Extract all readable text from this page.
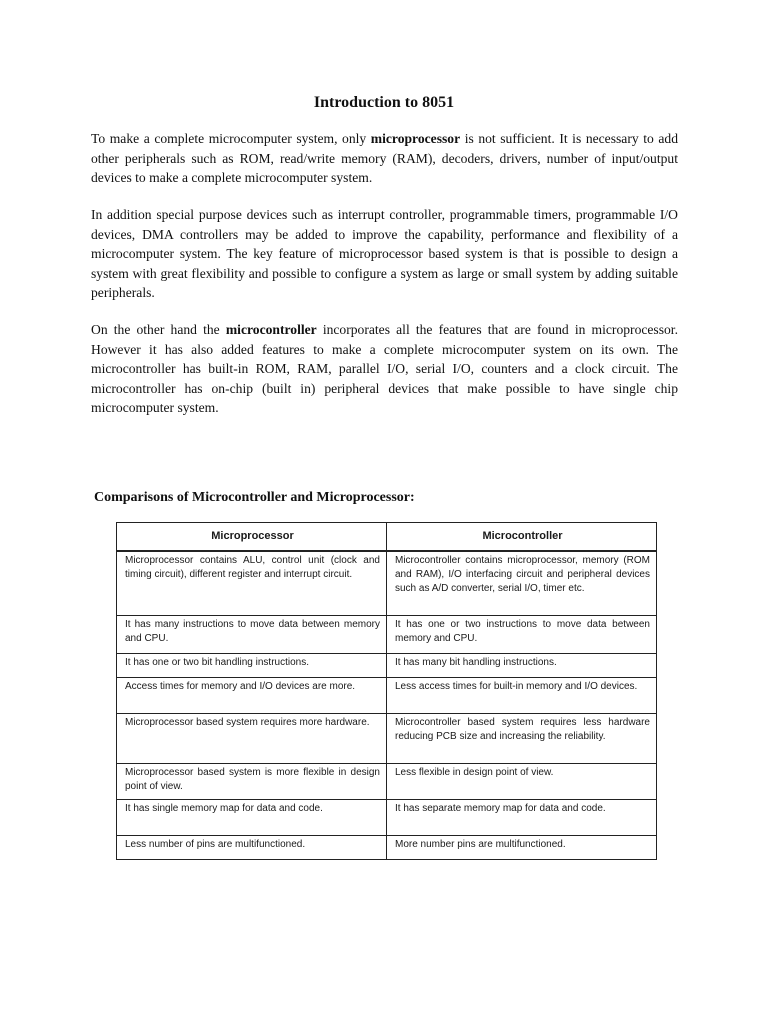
Introduction to 8051

To make a complete microcomputer system, only microprocessor is not sufficient. It is necessary to add other peripherals such as ROM, read/write memory (RAM), decoders, drivers, number of input/output devices to make a complete microcomputer system.

In addition special purpose devices such as interrupt controller, programmable timers, programmable I/O devices, DMA controllers may be added to improve the capability, performance and flexibility of a microcomputer system. The key feature of microprocessor based system is that is possible to design a system with great flexibility and possible to configure a system as large or small system by adding suitable peripherals.

On the other hand the microcontroller incorporates all the features that are found in microprocessor. However it has also added features to make a complete microcomputer system on its own. The microcontroller has built-in ROM, RAM, parallel I/O, serial I/O, counters and a clock circuit. The microcontroller has on-chip (built in) peripheral devices that make possible to have single chip microcomputer system.

Comparisons of Microcontroller and Microprocessor:
Microprocessor	Microcontroller
Microprocessor contains ALU, control unit (clock and timing circuit), different register and interrupt circuit.	Microcontroller contains microprocessor, memory (ROM and RAM), I/O interfacing circuit and peripheral devices such as A/D converter, serial I/O, timer etc.
It has many instructions to move data between memory and CPU.	It has one or two instructions to move data between memory and CPU.
It has one or two bit handling instructions.	It has many bit handling instructions.
Access times for memory and I/O devices are more.	Less access times for built-in memory and I/O devices.
Microprocessor based system requires more hardware.	Microcontroller based system requires less hardware reducing PCB size and increasing the reliability.
Microprocessor based system is more flexible in design point of view.	Less flexible in design point of view.
It has single memory map for data and code.	It has separate memory map for data and code.
Less number of pins are multifunctioned.	More number pins are multifunctioned.
